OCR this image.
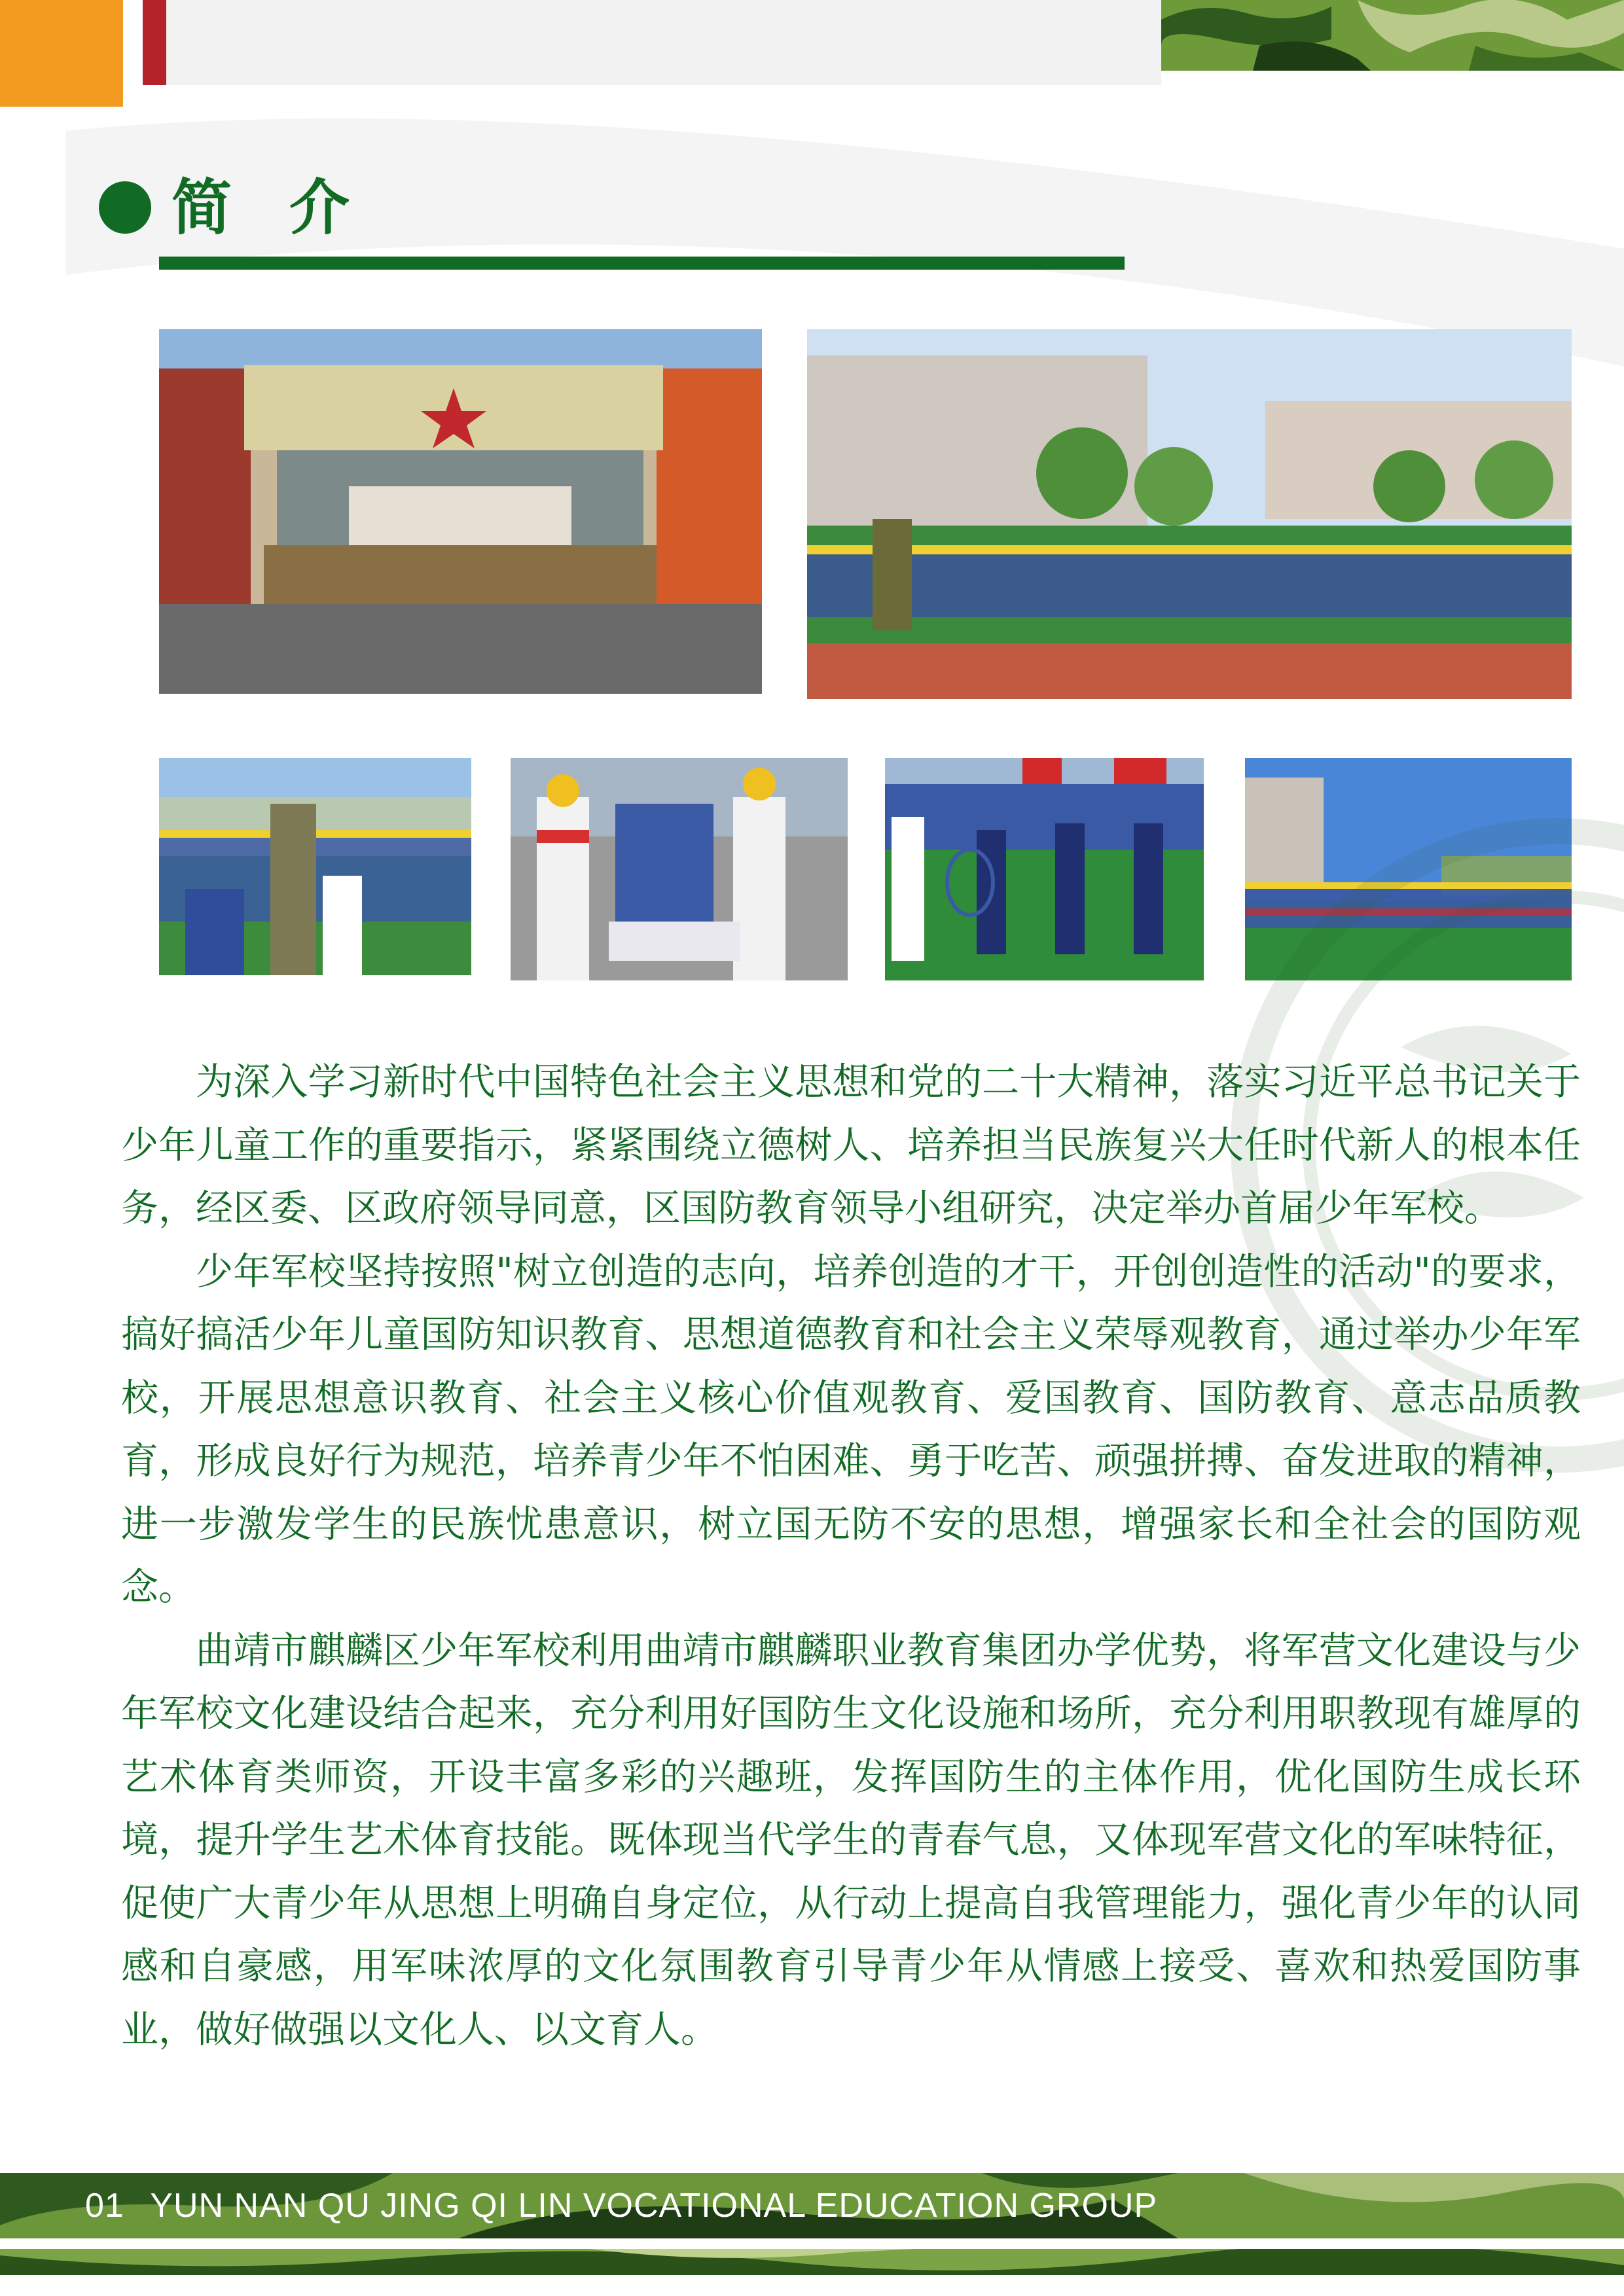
简 介

为深入学习新时代中国特色社会主义思想和党的二十大精神，落实习近平总书记关于少年儿童工作的重要指示，紧紧围绕立德树人、培养担当民族复兴大任时代新人的根本任务，经区委、区政府领导同意，区国防教育领导小组研究，决定举办首届少年军校。

少年军校坚持按照"树立创造的志向，培养创造的才干，开创创造性的活动"的要求，搞好搞活少年儿童国防知识教育、思想道德教育和社会主义荣辱观教育，通过举办少年军校，开展思想意识教育、社会主义核心价值观教育、爱国教育、国防教育、意志品质教育，形成良好行为规范，培养青少年不怕困难、勇于吃苦、顽强拼搏、奋发进取的精神，进一步激发学生的民族忧患意识，树立国无防不安的思想，增强家长和全社会的国防观念。

曲靖市麒麟区少年军校利用曲靖市麒麟职业教育集团办学优势，将军营文化建设与少年军校文化建设结合起来，充分利用好国防生文化设施和场所，充分利用职教现有雄厚的艺术体育类师资，开设丰富多彩的兴趣班，发挥国防生的主体作用，优化国防生成长环境，提升学生艺术体育技能。既体现当代学生的青春气息，又体现军营文化的军味特征，促使广大青少年从思想上明确自身定位，从行动上提高自我管理能力，强化青少年的认同感和自豪感，用军味浓厚的文化氛围教育引导青少年从情感上接受、喜欢和热爱国防事业，做好做强以文化人、以文育人。

01 YUN NAN QU JING QI LIN VOCATIONAL EDUCATION GROUP
